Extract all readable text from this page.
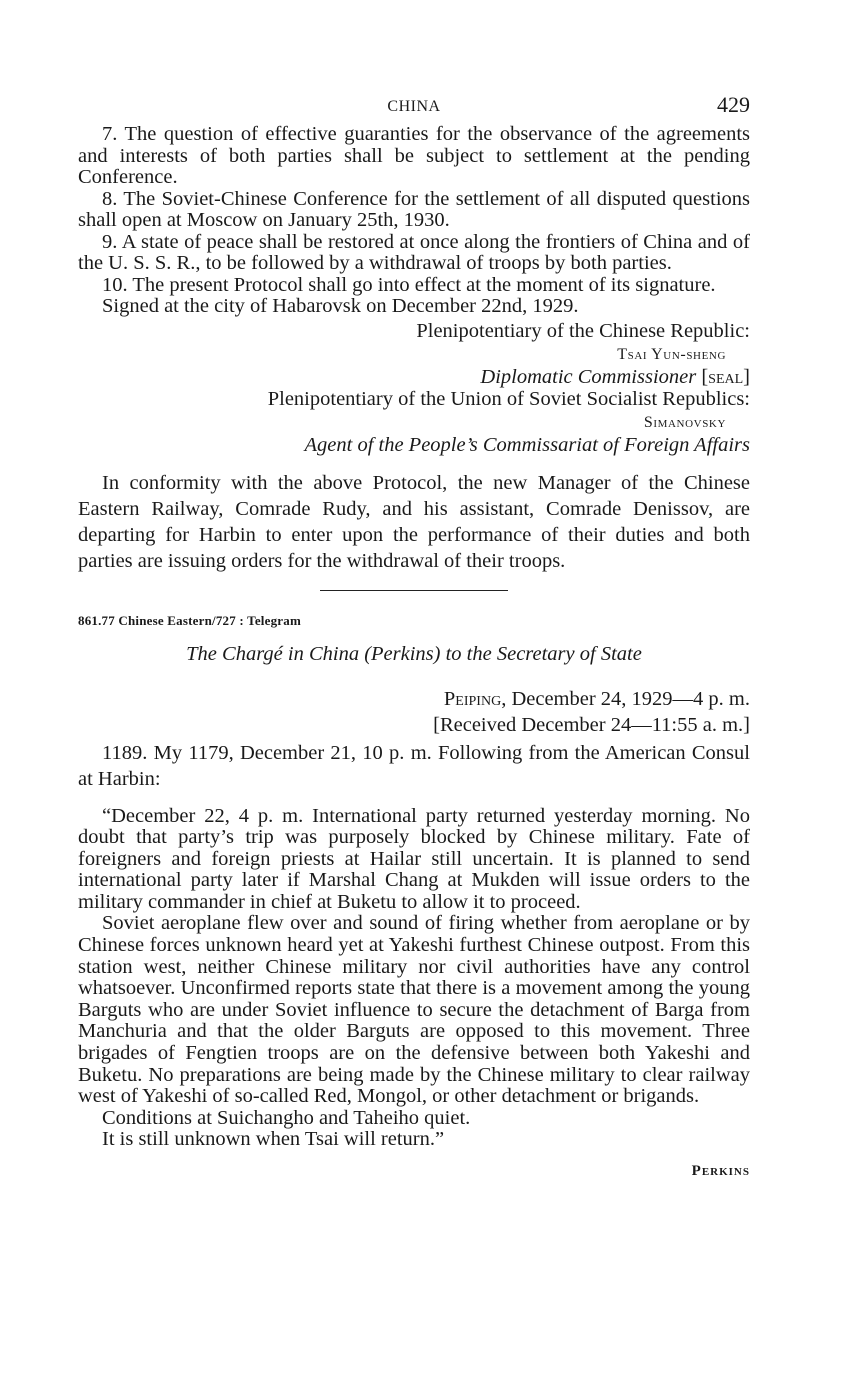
CHINA	429

7. The question of effective guaranties for the observance of the agreements and interests of both parties shall be subject to settlement at the pending Conference.

8. The Soviet-Chinese Conference for the settlement of all disputed questions shall open at Moscow on January 25th, 1930.

9. A state of peace shall be restored at once along the frontiers of China and of the U. S. S. R., to be followed by a withdrawal of troops by both parties.

10. The present Protocol shall go into effect at the moment of its signature.

Signed at the city of Habarovsk on December 22nd, 1929.

Plenipotentiary of the Chinese Republic:

Tsai Yun-sheng

Diplomatic Commissioner [seal]

Plenipotentiary of the Union of Soviet Socialist Republics:

Simanovsky

Agent of the People’s Commissariat of Foreign Affairs

In conformity with the above Protocol, the new Manager of the Chinese Eastern Railway, Comrade Rudy, and his assistant, Comrade Denissov, are departing for Harbin to enter upon the performance of their duties and both parties are issuing orders for the withdrawal of their troops.

861.77 Chinese Eastern/727 : Telegram
The Chargé in China (Perkins) to the Secretary of State

Peiping, December 24, 1929—4 p. m.

[Received December 24—11:55 a. m.]

1189. My 1179, December 21, 10 p. m. Following from the American Consul at Harbin:

“December 22, 4 p. m. International party returned yesterday morning. No doubt that party’s trip was purposely blocked by Chinese military. Fate of foreigners and foreign priests at Hailar still uncertain. It is planned to send international party later if Marshal Chang at Mukden will issue orders to the military commander in chief at Buketu to allow it to proceed.

Soviet aeroplane flew over and sound of firing whether from aeroplane or by Chinese forces unknown heard yet at Yakeshi furthest Chinese outpost. From this station west, neither Chinese military nor civil authorities have any control whatsoever. Unconfirmed reports state that there is a movement among the young Barguts who are under Soviet influence to secure the detachment of Barga from Manchuria and that the older Barguts are opposed to this movement. Three brigades of Fengtien troops are on the defensive between both Yakeshi and Buketu. No preparations are being made by the Chinese military to clear railway west of Yakeshi of so-called Red, Mongol, or other detachment or brigands.

Conditions at Suichangho and Taheiho quiet.

It is still unknown when Tsai will return.”

Perkins
